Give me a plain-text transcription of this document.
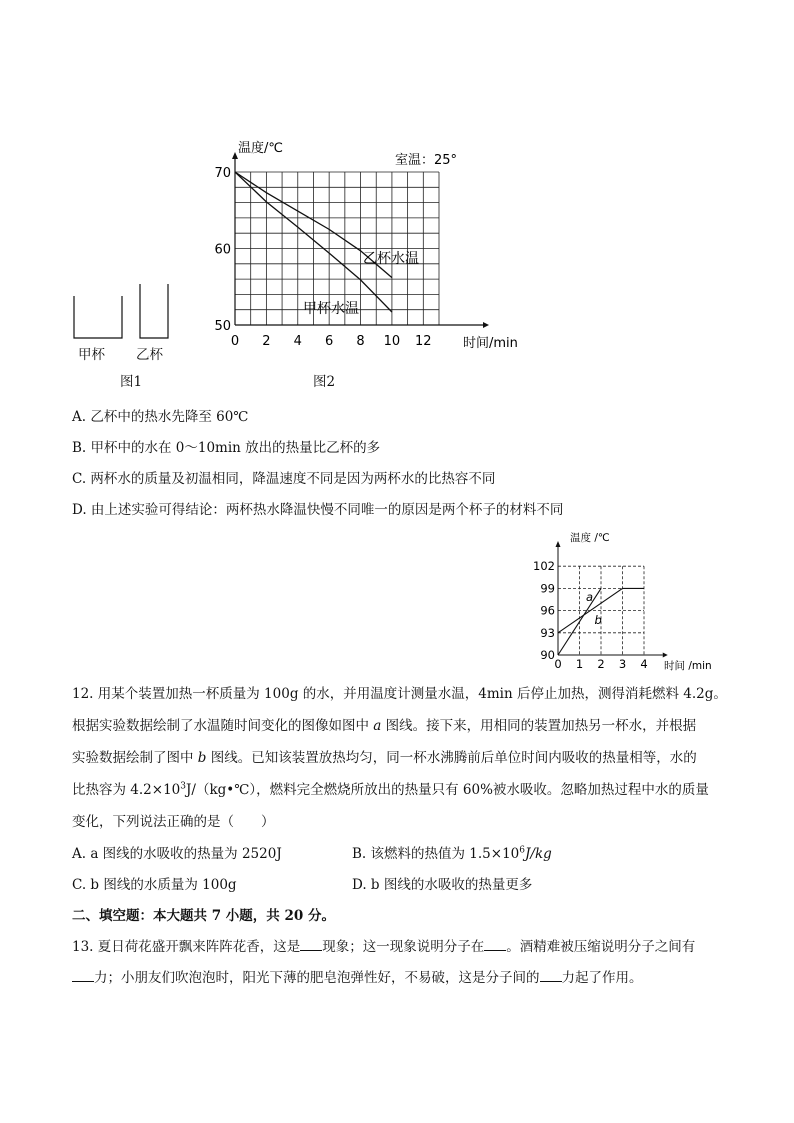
甲杯 乙杯
图1
0 2 4 6 8 10 12
50
60
70
温度/℃
时间/min
室温：25°
乙杯水温
甲杯水温
图2
A. 乙杯中的热水先降至 60℃
B. 甲杯中的水在 0～10min 放出的热量比乙杯的多
C. 两杯水的质量及初温相同，降温速度不同是因为两杯水的比热容不同
D. 由上述实验可得结论：两杯热水降温快慢不同唯一的原因是两个杯子的材料不同
0 1 2 3 4
90
93
96
99
102
a
b
温度 /℃
时间 /min
12. 用某个装置加热一杯质量为 100g 的水，并用温度计测量水温，4min 后停止加热，测得消耗燃料 4.2g。
根据实验数据绘制了水温随时间变化的图像如图中 a 图线。接下来，用相同的装置加热另一杯水，并根据
实验数据绘制了图中 b 图线。已知该装置放热均匀，同一杯水沸腾前后单位时间内吸收的热量相等，水的
比热容为 $4.2\times 10^3J/(kg•℃)$，燃料完全燃烧所放出的热量只有 60%被水吸收。忽略加热过程中水的质量
变化，下列说法正确的是（　　）
A. a 图线的水吸收的热量为 2520J	B. 该燃料的热值为 $1.5\times 10^6J/kg$
C. b 图线的水质量为 100g	D. b 图线的水吸收的热量更多
二、填空题：本大题共 7 小题，共 20 分。
13. 夏日荷花盛开飘来阵阵花香，这是 现象；这一现象说明分子在 。酒精难被压缩说明分子之间有
力；小朋友们吹泡泡时，阳光下薄的肥皂泡弹性好，不易破，这是分子间的 力起了作用。
